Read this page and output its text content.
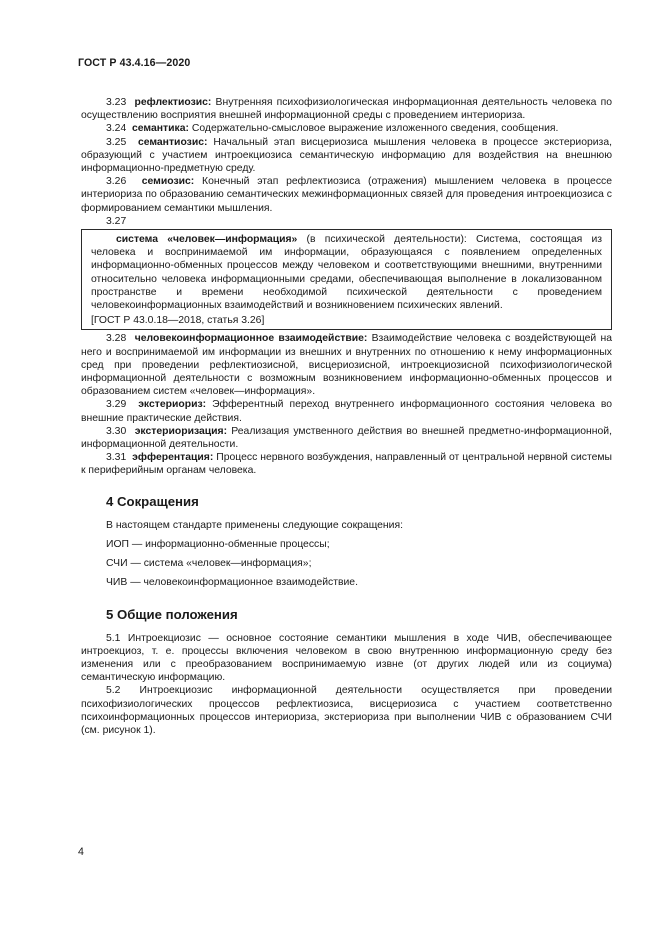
ГОСТ Р 43.4.16—2020

3.23 рефлектиозис: Внутренняя психофизиологическая информационная деятельность человека по осуществлению восприятия внешней информационной среды с проведением интериориза.

3.24 семантика: Содержательно-смысловое выражение изложенного сведения, сообщения.

3.25 семантиозис: Начальный этап висцериозиса мышления человека в процессе экстериориза, образующий с участием интроекциозиса семантическую информацию для воздействия на внешнюю информационно-предметную среду.

3.26 семиозис: Конечный этап рефлектиозиса (отражения) мышлением человека в процессе интериориза по образованию семантических межинформационных связей для проведения интроекциозиса с формированием семантики мышления.

3.27

система «человек—информация» (в психической деятельности): Система, состоящая из человека и воспринимаемой им информации, образующаяся с появлением определенных информационно-обменных процессов между человеком и соответствующими внешними, внутренними относительно человека информационными средами, обеспечивающая выполнение в локализованном пространстве и времени необходимой психической деятельности с проведением человекоинформационных взаимодействий и возникновением психических явлений.

[ГОСТ Р 43.0.18—2018, статья 3.26]

3.28 человекоинформационное взаимодействие: Взаимодействие человека с воздействующей на него и воспринимаемой им информации из внешних и внутренних по отношению к нему информационных сред при проведении рефлектиозисной, висцериозисной, интроекциозисной психофизиологической информационной деятельности с возможным возникновением информационно-обменных процессов и образованием систем «человек—информация».

3.29 экстериориз: Эфферентный переход внутреннего информационного состояния человека во внешние практические действия.

3.30 экстериоризация: Реализация умственного действия во внешней предметно-информационной, информационной деятельности.

3.31 эфферентация: Процесс нервного возбуждения, направленный от центральной нервной системы к периферийным органам человека.

4 Сокращения

В настоящем стандарте применены следующие сокращения:

ИОП — информационно-обменные процессы;

СЧИ — система «человек—информация»;

ЧИВ — человекоинформационное взаимодействие.

5 Общие положения

5.1 Интроекциозис — основное состояние семантики мышления в ходе ЧИВ, обеспечивающее интроекциоз, т. е. процессы включения человеком в свою внутреннюю информационную среду без изменения или с преобразованием воспринимаемую извне (от других людей или из социума) семантическую информацию.

5.2 Интроекциозис информационной деятельности осуществляется при проведении психофизиологических процессов рефлектиозиса, висцериозиса с участием соответственно психоинформационных процессов интериориза, экстериориза при выполнении ЧИВ с образованием СЧИ (см. рисунок 1).

4
